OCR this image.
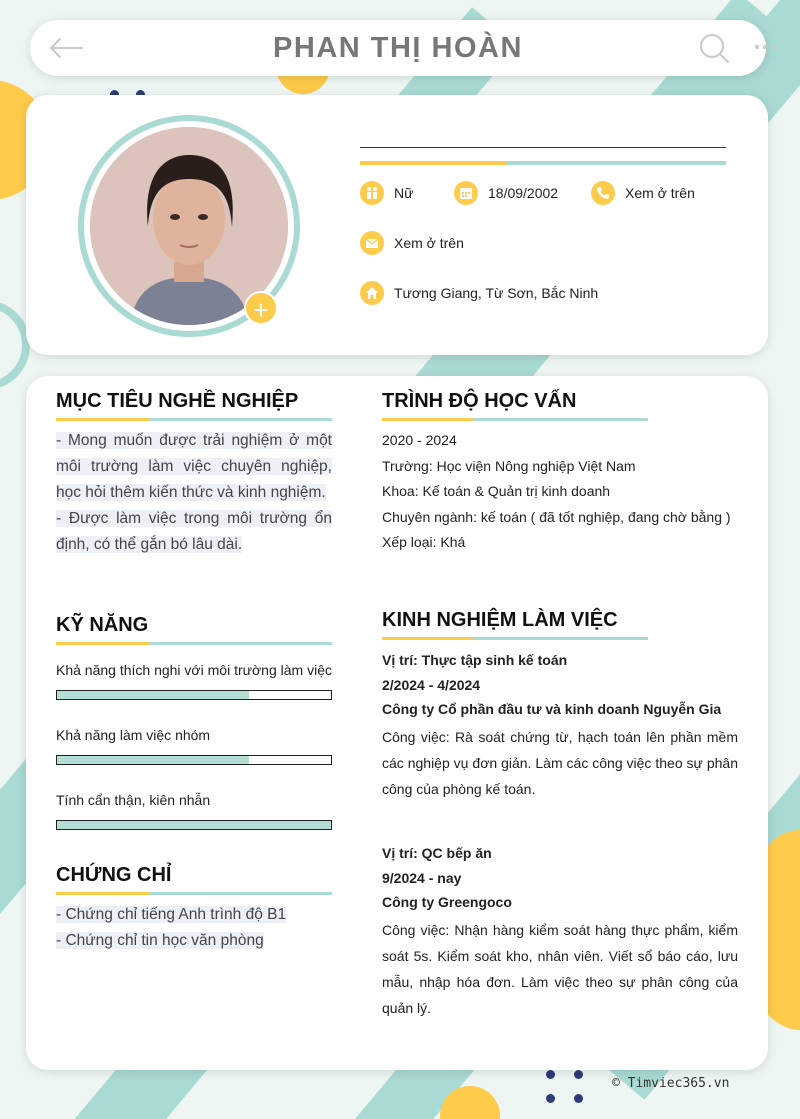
PHAN THỊ HOÀN
+
Nữ	18/09/2002	Xem ở trên
Xem ở trên
Tương Giang, Từ Sơn, Bắc Ninh
MỤC TIÊU NGHỀ NGHIỆP
- Mong muốn được trải nghiệm ở một môi trường làm việc chuyên nghiệp, học hỏi thêm kiến thức và kinh nghiệm.
- Được làm việc trong môi trường ổn định, có thể gắn bó lâu dài.
KỸ NĂNG
Khả năng thích nghi với môi trường làm việc
Khả năng làm việc nhóm
Tính cẩn thận, kiên nhẫn
CHỨNG CHỈ
- Chứng chỉ tiếng Anh trình độ B1
- Chứng chỉ tin học văn phòng
TRÌNH ĐỘ HỌC VẤN
2020 - 2024
Trường: Học viện Nông nghiệp Việt Nam
Khoa: Kế toán & Quản trị kinh doanh
Chuyên ngành: kế toán ( đã tốt nghiệp, đang chờ bằng )
Xếp loại: Khá
KINH NGHIỆM LÀM VIỆC
Vị trí: Thực tập sinh kế toán
2/2024 - 4/2024
Công ty Cổ phần đầu tư và kinh doanh Nguyễn Gia
Công việc: Rà soát chứng từ, hạch toán lên phần mềm các nghiệp vụ đơn giản. Làm các công việc theo sự phân công của phòng kế toán.
Vị trí: QC bếp ăn
9/2024 - nay
Công ty Greengoco
Công việc: Nhận hàng kiểm soát hàng thực phẩm, kiểm soát 5s. Kiểm soát kho, nhân viên. Viết sổ báo cáo, lưu mẫu, nhập hóa đơn. Làm việc theo sự phân công của quản lý.
© Timviec365.vn
